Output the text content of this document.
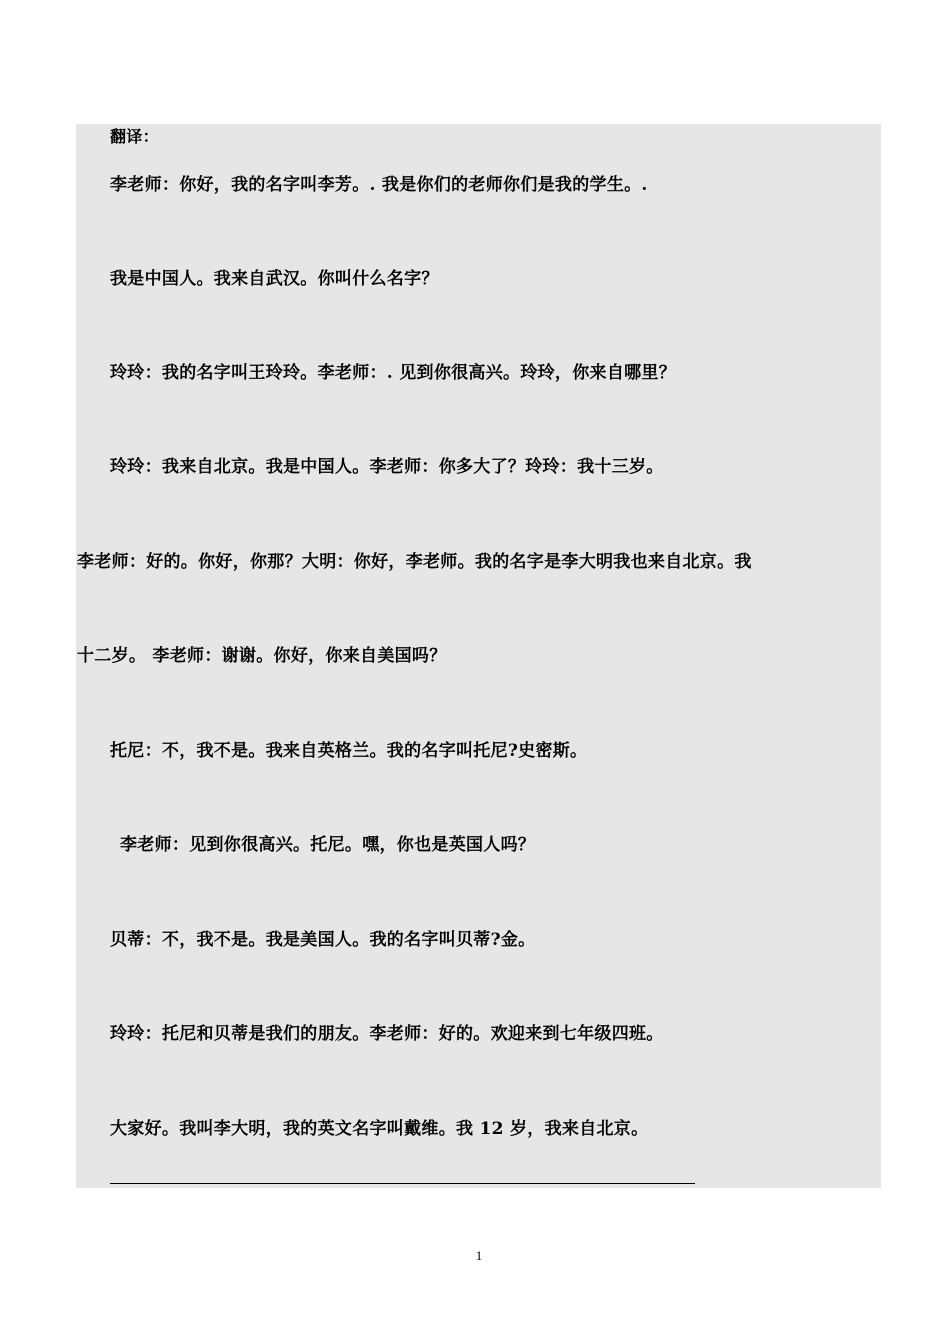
翻译：
李老师：你好，我的名字叫李芳。. 我是你们的老师你们是我的学生。.
我是中国人。我来自武汉。你叫什么名字？
玲玲：我的名字叫王玲玲。李老师：. 见到你很高兴。玲玲，你来自哪里？
玲玲：我来自北京。我是中国人。李老师：你多大了？玲玲：我十三岁。
李老师：好的。你好，你那？大明：你好，李老师。我的名字是李大明我也来自北京。我
十二岁。 李老师：谢谢。你好，你来自美国吗？
托尼：不，我不是。我来自英格兰。我的名字叫托尼?史密斯。
李老师：见到你很高兴。托尼。嘿，你也是英国人吗？
贝蒂：不，我不是。我是美国人。我的名字叫贝蒂?金。
玲玲：托尼和贝蒂是我们的朋友。李老师：好的。欢迎来到七年级四班。
大家好。我叫李大明，我的英文名字叫戴维。我 12 岁，我来自北京。
1
